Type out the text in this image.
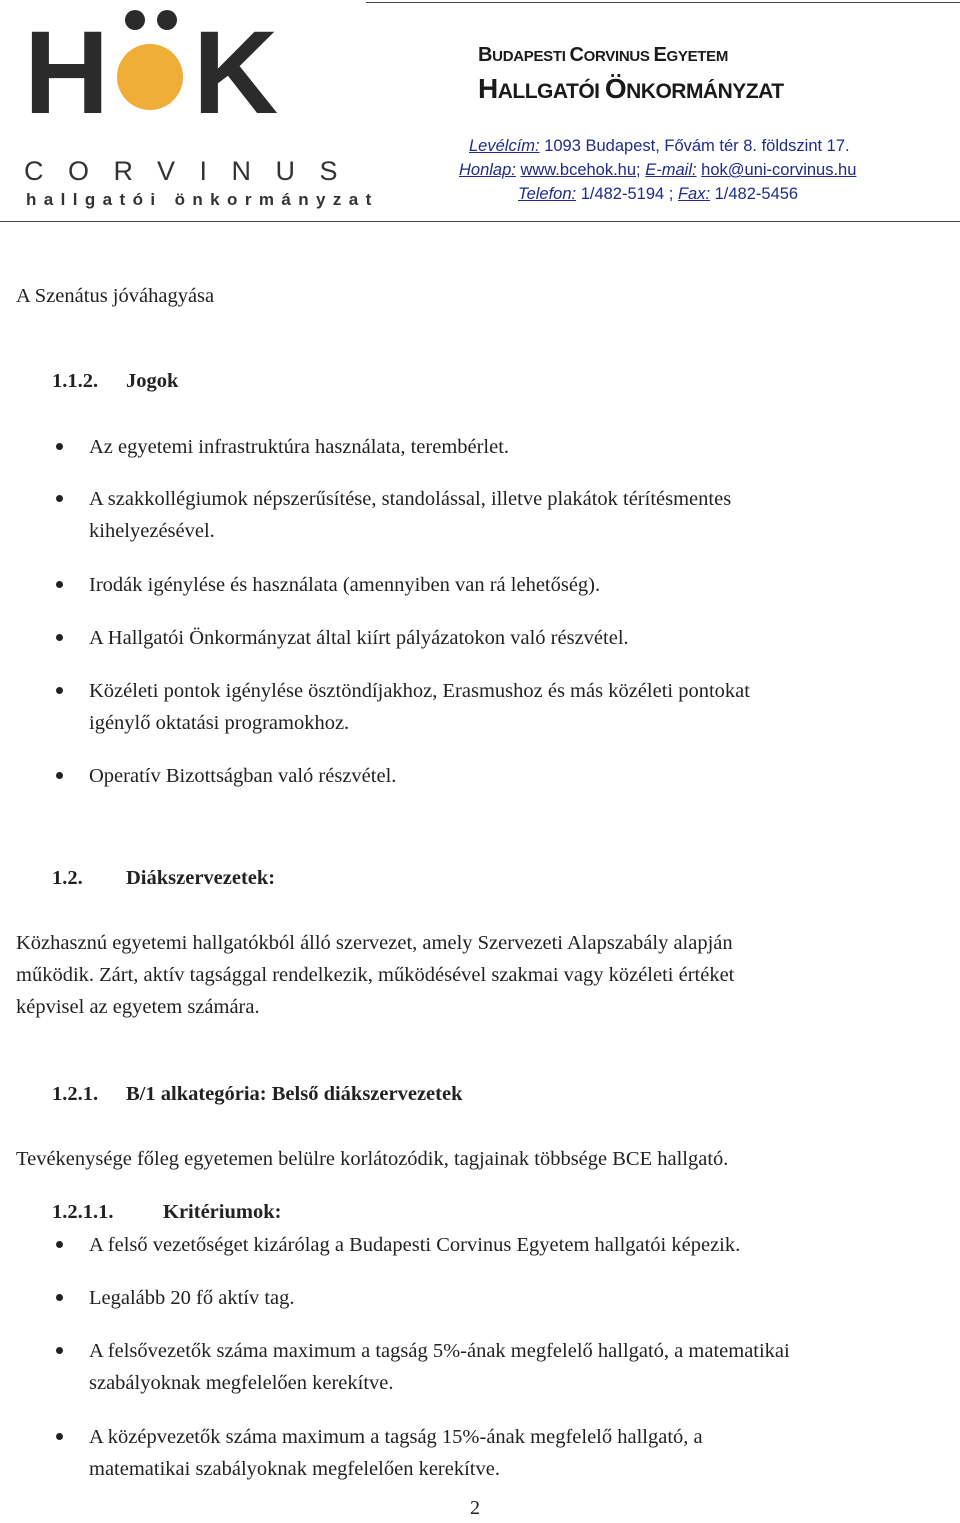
H K
CORVINUS
hallgatói önkormányzat
BUDAPESTI CORVINUS EGYETEM
HALLGATÓI ÖNKORMÁNYZAT
Levélcím: 1093 Budapest, Fővám tér 8. földszint 17.
Honlap: www.bcehok.hu; E-mail: hok@uni-corvinus.hu
Telefon: 1/482-5194 ; Fax: 1/482-5456
A Szenátus jóváhagyása
1.1.2. Jogok
Az egyetemi infrastruktúra használata, terembérlet.
A szakkollégiumok népszerűsítése, standolással, illetve plakátok térítésmentes
kihelyezésével.
Irodák igénylése és használata (amennyiben van rá lehetőség).
A Hallgatói Önkormányzat által kiírt pályázatokon való részvétel.
Közéleti pontok igénylése ösztöndíjakhoz, Erasmushoz és más közéleti pontokat
igénylő oktatási programokhoz.
Operatív Bizottságban való részvétel.
1.2. Diákszervezetek:
Közhasznú egyetemi hallgatókból álló szervezet, amely Szervezeti Alapszabály alapján
működik. Zárt, aktív tagsággal rendelkezik, működésével szakmai vagy közéleti értéket
képvisel az egyetem számára.
1.2.1. B/1 alkategória: Belső diákszervezetek
Tevékenysége főleg egyetemen belülre korlátozódik, tagjainak többsége BCE hallgató.
1.2.1.1. Kritériumok:
A felső vezetőséget kizárólag a Budapesti Corvinus Egyetem hallgatói képezik.
Legalább 20 fő aktív tag.
A felsővezetők száma maximum a tagság 5%-ának megfelelő hallgató, a matematikai
szabályoknak megfelelően kerekítve.
A középvezetők száma maximum a tagság 15%-ának megfelelő hallgató, a
matematikai szabályoknak megfelelően kerekítve.
2
